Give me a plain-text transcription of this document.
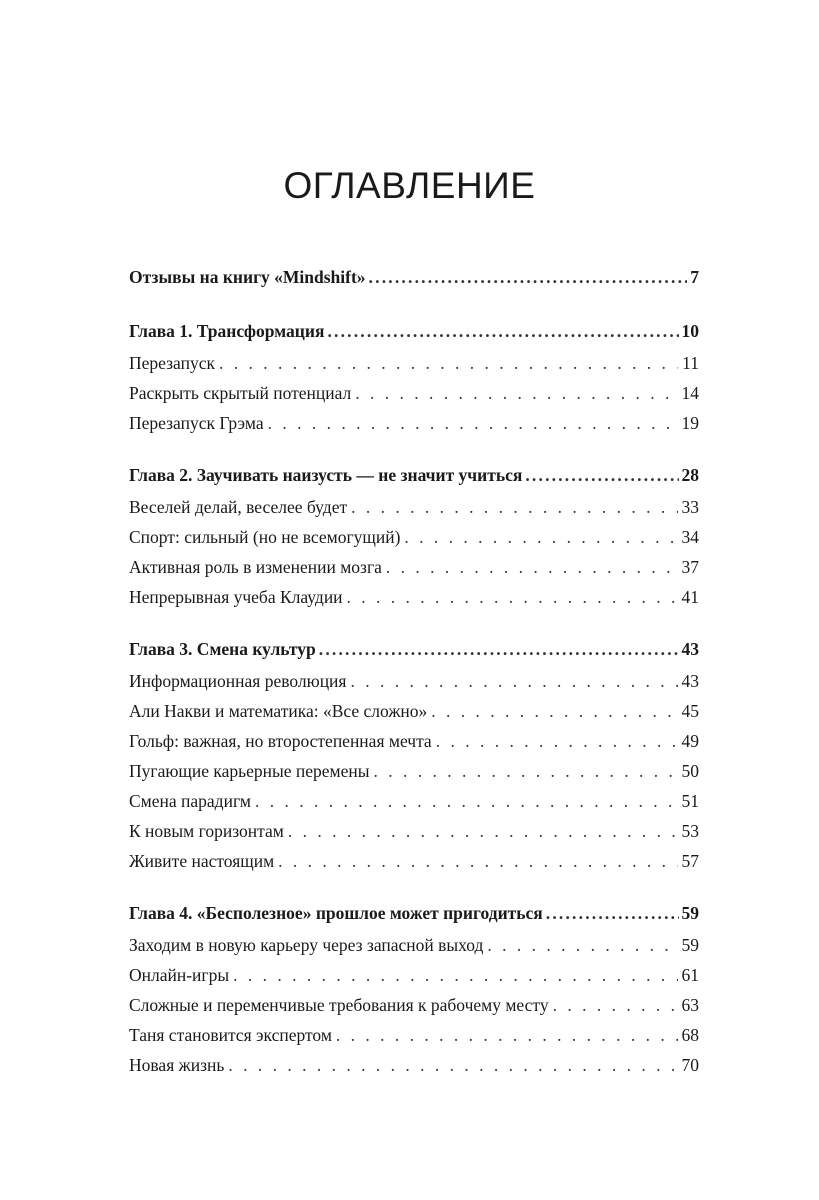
ОГЛАВЛЕНИЕ
Отзывы на книгу «Mindshift» .....	7
Глава 1. Трансформация .....	10
Перезапуск . . .	11
Раскрыть скрытый потенциал . . .	14
Перезапуск Грэма . . .	19
Глава 2. Заучивать наизусть — не значит учиться .....	28
Веселей делай, веселее будет . . .	33
Спорт: сильный (но не всемогущий) . . .	34
Активная роль в изменении мозга . . .	37
Непрерывная учеба Клаудии . . .	41
Глава 3. Смена культур .....	43
Информационная революция . . .	43
Али Накви и математика: «Все сложно» . . .	45
Гольф: важная, но второстепенная мечта . . .	49
Пугающие карьерные перемены . . .	50
Смена парадигм . . .	51
К новым горизонтам . . .	53
Живите настоящим . . .	57
Глава 4. «Бесполезное» прошлое может пригодиться .....	59
Заходим в новую карьеру через запасной выход . . .	59
Онлайн-игры . . .	61
Сложные и переменчивые требования к рабочему месту . . .	63
Таня становится экспертом . . .	68
Новая жизнь . . .	70
